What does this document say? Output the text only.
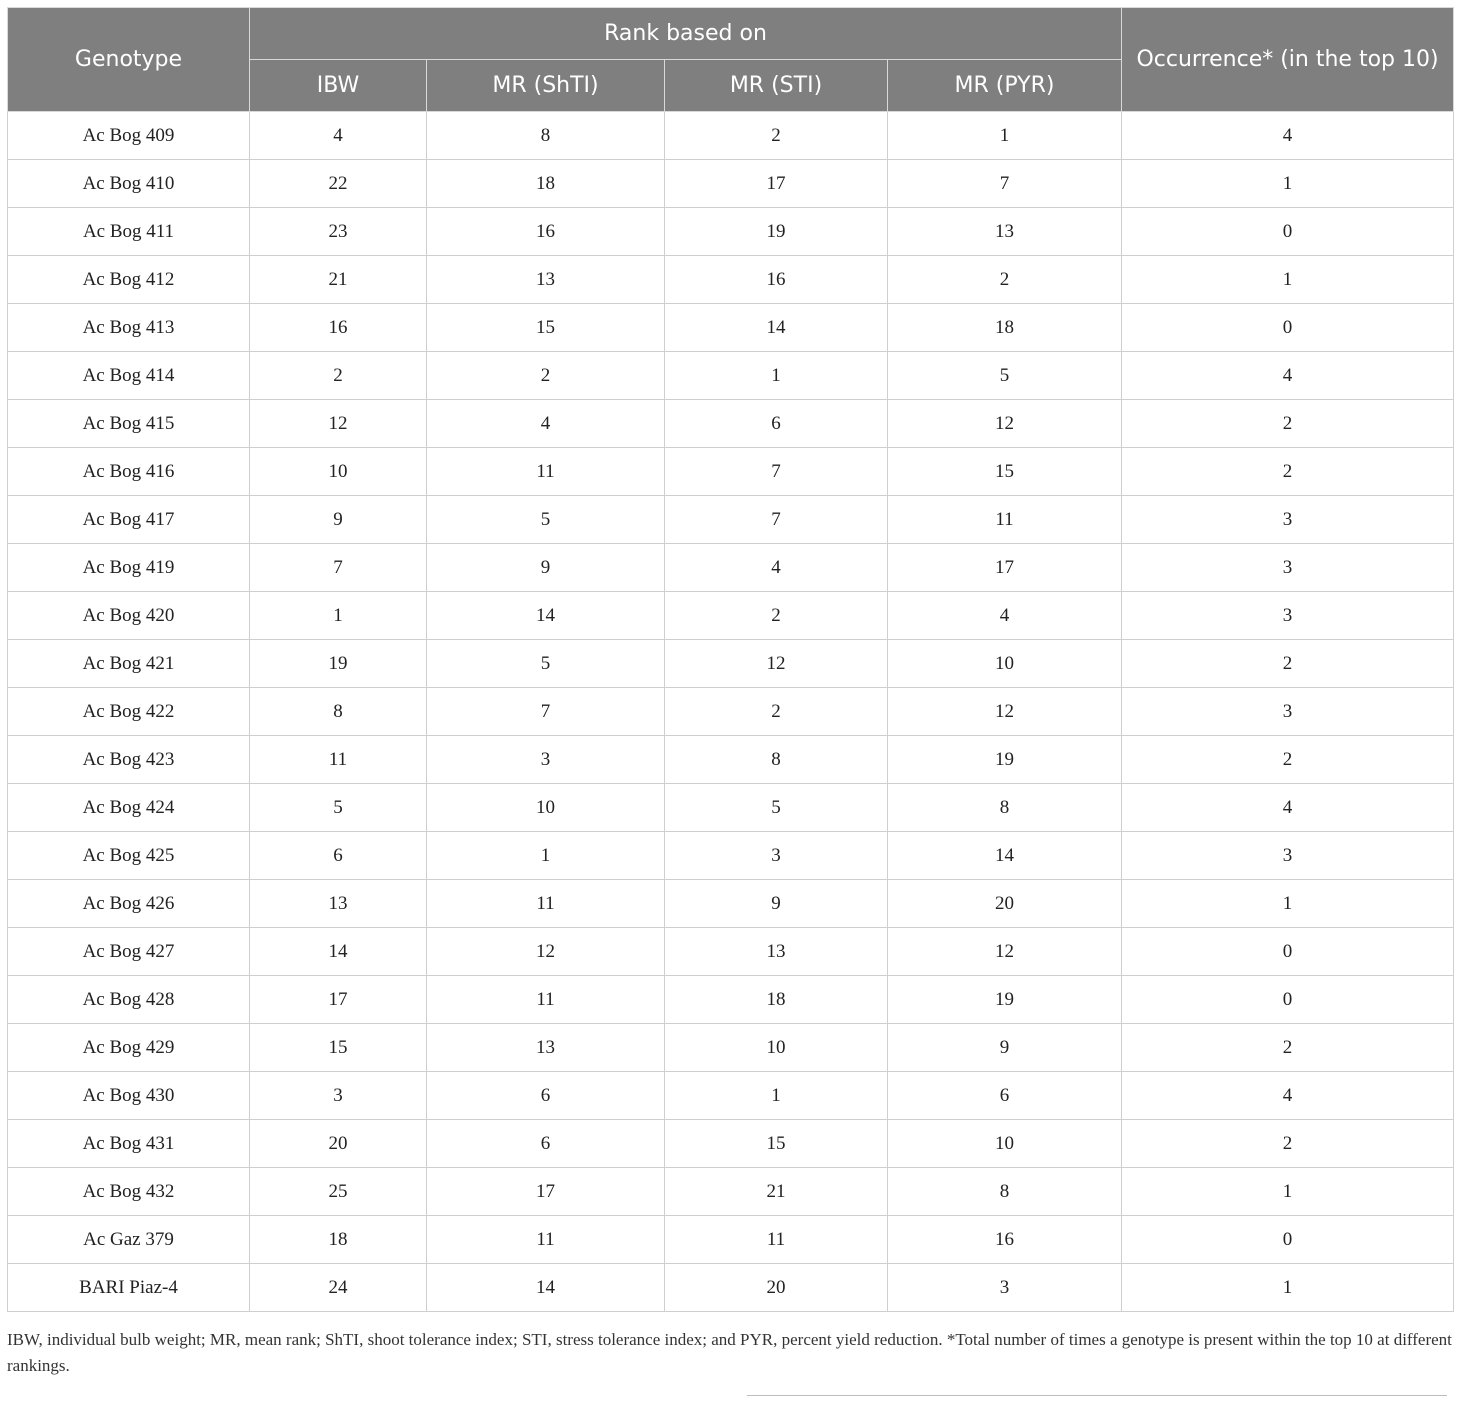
Genotype	Rank based on				Occurrence* (in the top 10)
	IBW	MR (ShTI)	MR (STI)	MR (PYR)	
Ac Bog 409	4	8	2	1	4
Ac Bog 410	22	18	17	7	1
Ac Bog 411	23	16	19	13	0
Ac Bog 412	21	13	16	2	1
Ac Bog 413	16	15	14	18	0
Ac Bog 414	2	2	1	5	4
Ac Bog 415	12	4	6	12	2
Ac Bog 416	10	11	7	15	2
Ac Bog 417	9	5	7	11	3
Ac Bog 419	7	9	4	17	3
Ac Bog 420	1	14	2	4	3
Ac Bog 421	19	5	12	10	2
Ac Bog 422	8	7	2	12	3
Ac Bog 423	11	3	8	19	2
Ac Bog 424	5	10	5	8	4
Ac Bog 425	6	1	3	14	3
Ac Bog 426	13	11	9	20	1
Ac Bog 427	14	12	13	12	0
Ac Bog 428	17	11	18	19	0
Ac Bog 429	15	13	10	9	2
Ac Bog 430	3	6	1	6	4
Ac Bog 431	20	6	15	10	2
Ac Bog 432	25	17	21	8	1
Ac Gaz 379	18	11	11	16	0
BARI Piaz-4	24	14	20	3	1
IBW, individual bulb weight; MR, mean rank; ShTI, shoot tolerance index; STI, stress tolerance index; and PYR, percent yield reduction. *Total number of times a genotype is present within the top 10 at different rankings.
